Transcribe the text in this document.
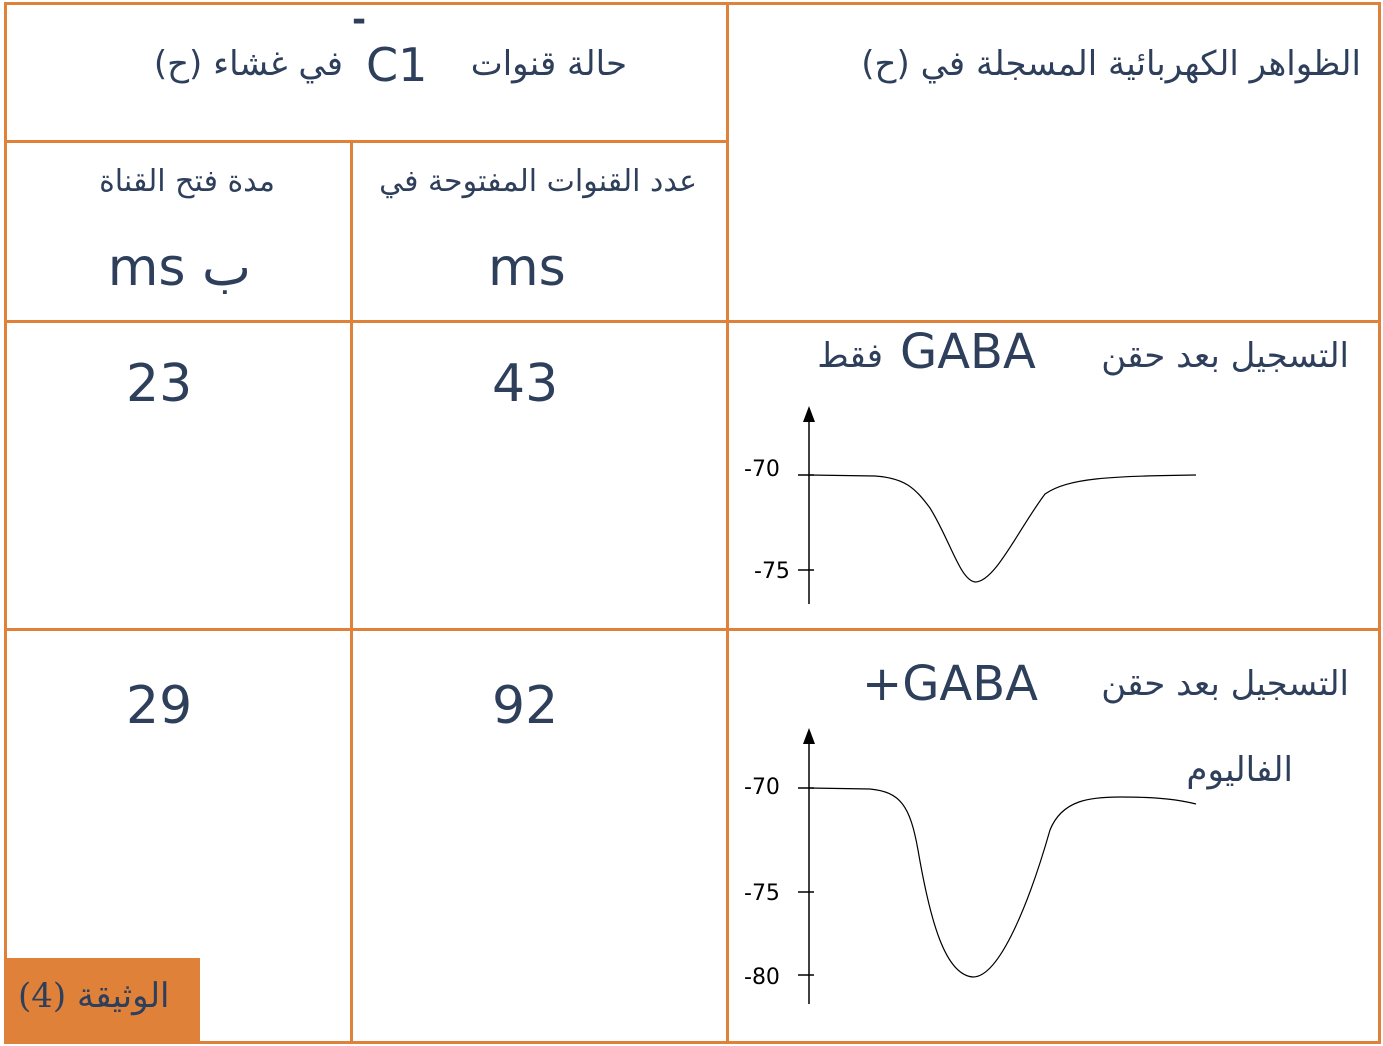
الظواهر الكهربائية المسجلة في (ح)
حالة قنوات
C1
-
في غشاء (ح)
عدد القنوات المفتوحة في
ms
مدة فتح القناة
ms ب
التسجيل بعد حقن
GABA
فقط
43
23
-70
-75
التسجيل بعد حقن
+GABA
الفاليوم
92
29
-70
-75
-80
الوثيقة (4)
